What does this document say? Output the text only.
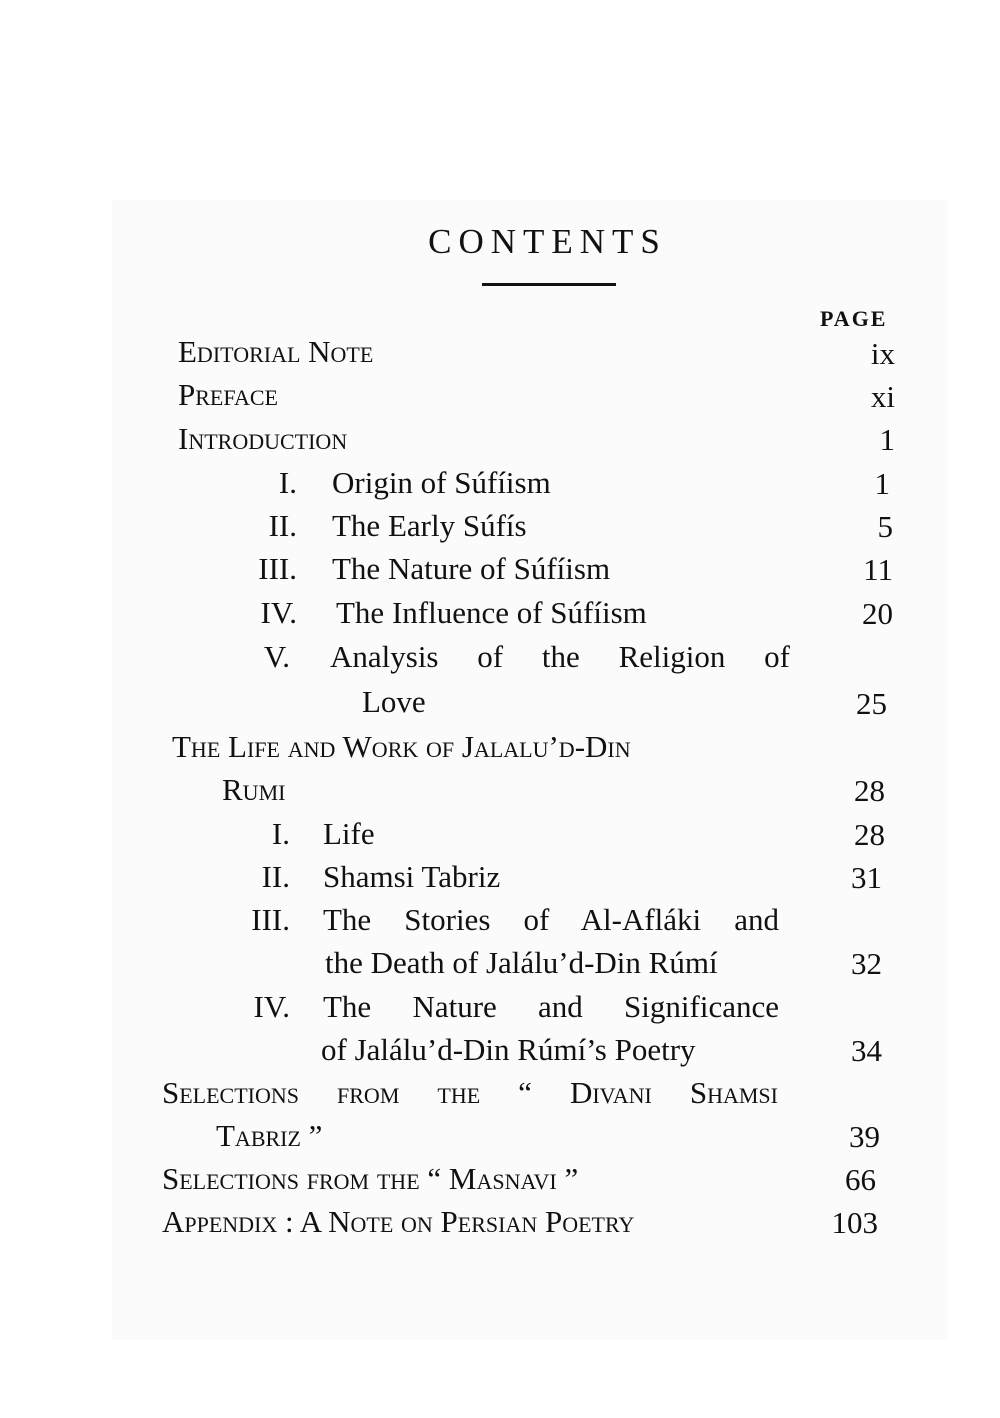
CONTENTS
PAGE
Editorial Note	ix
Preface	xi
Introduction	1
I. Origin of Súfíism	1
II. The Early Súfís	5
III. The Nature of Súfíism	11
IV. The Influence of Súfíism	20
V. Analysis of the Religion of
Love	25
The Life and Work of Jalalu’d-Din
Rumi	28
I. Life	28
II. Shamsi Tabriz	31
III. The Stories of Al-Afláki and
the Death of Jalálu’d-Din Rúmí	32
IV. The Nature and Significance
of Jalálu’d-Din Rúmí’s Poetry	34
Selections from the “ Divani Shamsi
Tabriz ”	39
Selections from the “ Masnavi ”	66
Appendix : A Note on Persian Poetry	103
